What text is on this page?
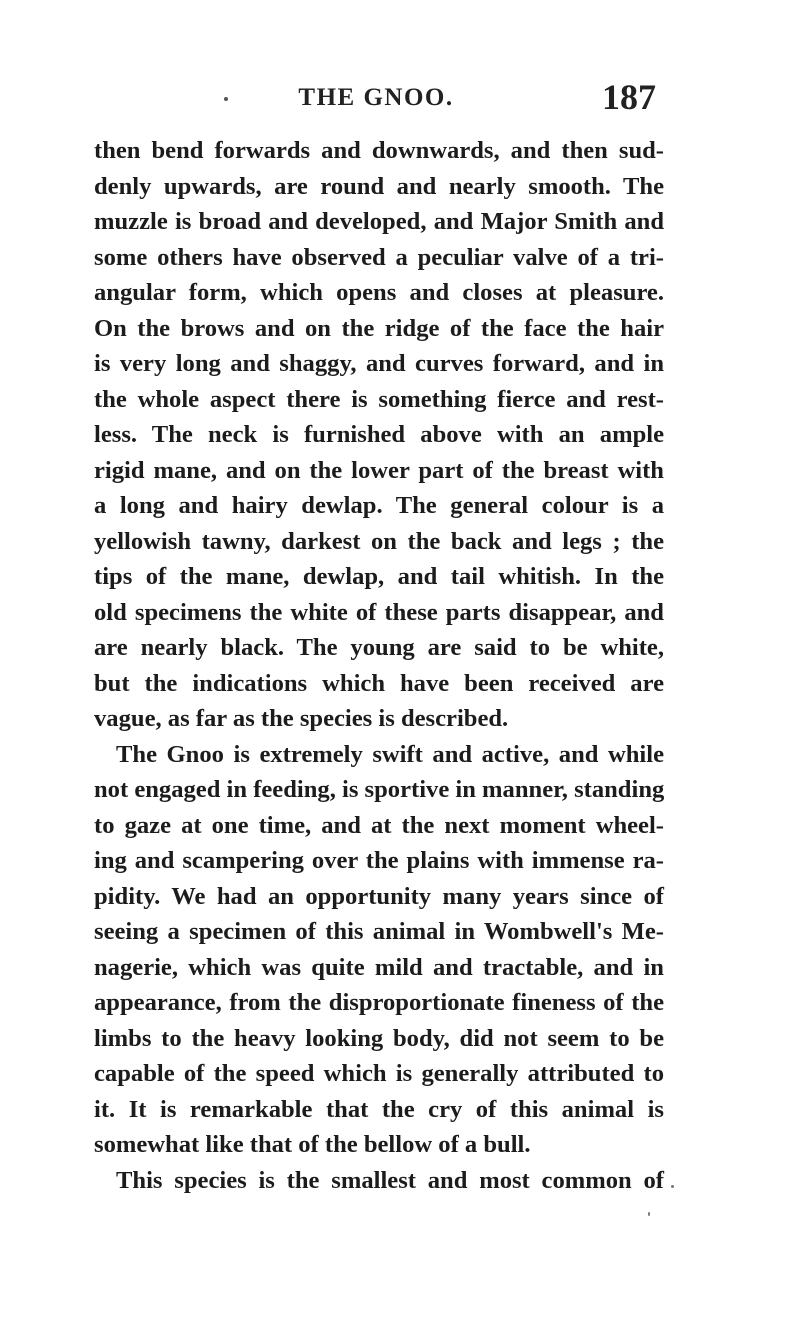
THE GNOO.	187
then bend forwards and downwards, and then sud-
denly upwards, are round and nearly smooth. The
muzzle is broad and developed, and Major Smith and
some others have observed a peculiar valve of a tri-
angular form, which opens and closes at pleasure.
On the brows and on the ridge of the face the hair
is very long and shaggy, and curves forward, and in
the whole aspect there is something fierce and rest-
less. The neck is furnished above with an ample
rigid mane, and on the lower part of the breast with
a long and hairy dewlap. The general colour is a
yellowish tawny, darkest on the back and legs ; the
tips of the mane, dewlap, and tail whitish. In the
old specimens the white of these parts disappear, and
are nearly black. The young are said to be white,
but the indications which have been received are
vague, as far as the species is described.
The Gnoo is extremely swift and active, and while
not engaged in feeding, is sportive in manner, standing
to gaze at one time, and at the next moment wheel-
ing and scampering over the plains with immense ra-
pidity. We had an opportunity many years since of
seeing a specimen of this animal in Wombwell's Me-
nagerie, which was quite mild and tractable, and in
appearance, from the disproportionate fineness of the
limbs to the heavy looking body, did not seem to be
capable of the speed which is generally attributed to
it. It is remarkable that the cry of this animal is
somewhat like that of the bellow of a bull.
This species is the smallest and most common of
